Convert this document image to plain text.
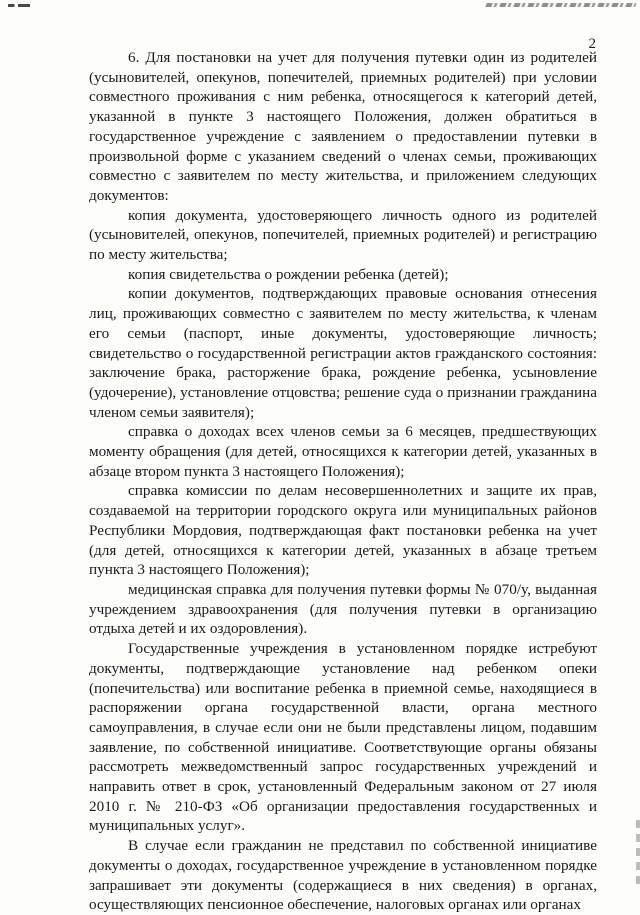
2

6. Для постановки на учет для получения путевки один из родителей (усыновителей, опекунов, попечителей, приемных родителей) при условии совместного проживания с ним ребенка, относящегося к категорий детей, указанной в пункте 3 настоящего Положения, должен обратиться в государственное учреждение с заявлением о предоставлении путевки в произвольной форме с указанием сведений о членах семьи, проживающих совместно с заявителем по месту жительства, и приложением следующих документов:

копия документа, удостоверяющего личность одного из родителей (усыновителей, опекунов, попечителей, приемных родителей) и регистрацию по месту жительства;

копия свидетельства о рождении ребенка (детей);

копии документов, подтверждающих правовые основания отнесения лиц, проживающих совместно с заявителем по месту жительства, к членам его семьи (паспорт, иные документы, удостоверяющие личность; свидетельство о государственной регистрации актов гражданского состояния: заключение брака, расторжение брака, рождение ребенка, усыновление (удочерение), установление отцовства; решение суда о признании гражданина членом семьи заявителя);

справка о доходах всех членов семьи за 6 месяцев, предшествующих моменту обращения (для детей, относящихся к категории детей, указанных в абзаце втором пункта 3 настоящего Положения);

справка комиссии по делам несовершеннолетних и защите их прав, создаваемой на территории городского округа или муниципальных районов Республики Мордовия, подтверждающая факт постановки ребенка на учет (для детей, относящихся к категории детей, указанных в абзаце третьем пункта 3 настоящего Положения);

медицинская справка для получения путевки формы № 070/у, выданная учреждением здравоохранения (для получения путевки в организацию отдыха детей и их оздоровления).

Государственные учреждения в установленном порядке истребуют документы, подтверждающие установление над ребенком опеки (попечительства) или воспитание ребенка в приемной семье, находящиеся в распоряжении органа государственной власти, органа местного самоуправления, в случае если они не были представлены лицом, подавшим заявление, по собственной инициативе. Соответствующие органы обязаны рассмотреть межведомственный запрос государственных учреждений и направить ответ в срок, установленный Федеральным законом от 27 июля 2010 г. № 210-ФЗ «Об организации предоставления государственных и муниципальных услуг».

В случае если гражданин не представил по собственной инициативе документы о доходах, государственное учреждение в установленном порядке запрашивает эти документы (содержащиеся в них сведения) в органах, осуществляющих пенсионное обеспечение, налоговых органах или органах
